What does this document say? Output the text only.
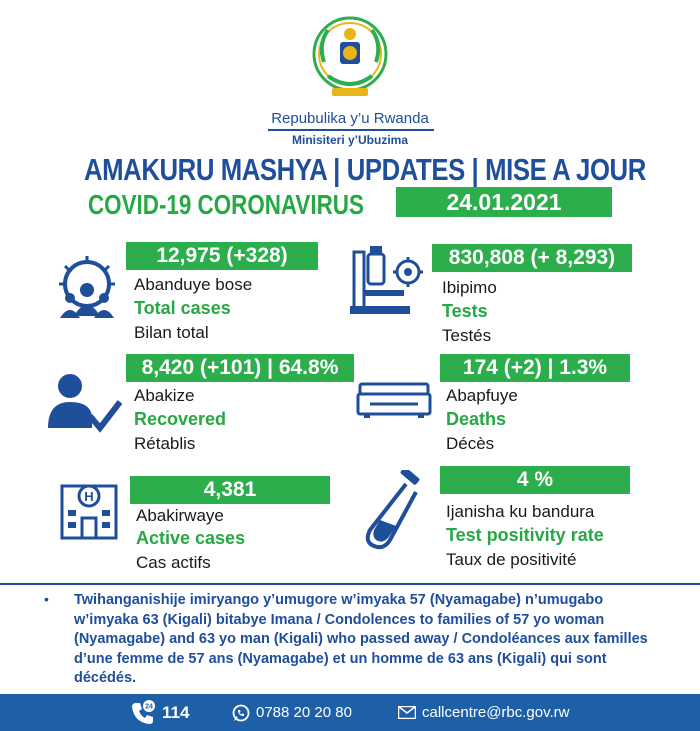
Repubulika y’u Rwanda
Minisiteri y’Ubuzima
AMAKURU MASHYA | UPDATES | MISE A JOUR
COVID-19 CORONAVIRUS	24.01.2021
12,975 (+328)
Abanduye bose
Total cases
Bilan total
830,808 (+ 8,293)
Ibipimo
Tests
Testés
8,420 (+101) | 64.8%
Abakize
Recovered
Rétablis
174 (+2) | 1.3%
Abapfuye
Deaths
Décès
H	4,381
Abakirwaye
Active cases
Cas actifs
4 %
Ijanisha ku bandura
Test positivity rate
Taux de positivité
• Twihanganishije imiryango y’umugore w’imyaka 57 (Nyamagabe) n’umugabo w’imyaka 63 (Kigali) bitabye Imana / Condolences to families of 57 yo woman (Nyamagabe) and 63 yo man (Kigali) who passed away / Condoléances aux familles d’une femme de 57 ans (Nyamagabe) et un homme de 63 ans (Kigali) qui sont décédés.
24 114	0788 20 20 80	callcentre@rbc.gov.rw
